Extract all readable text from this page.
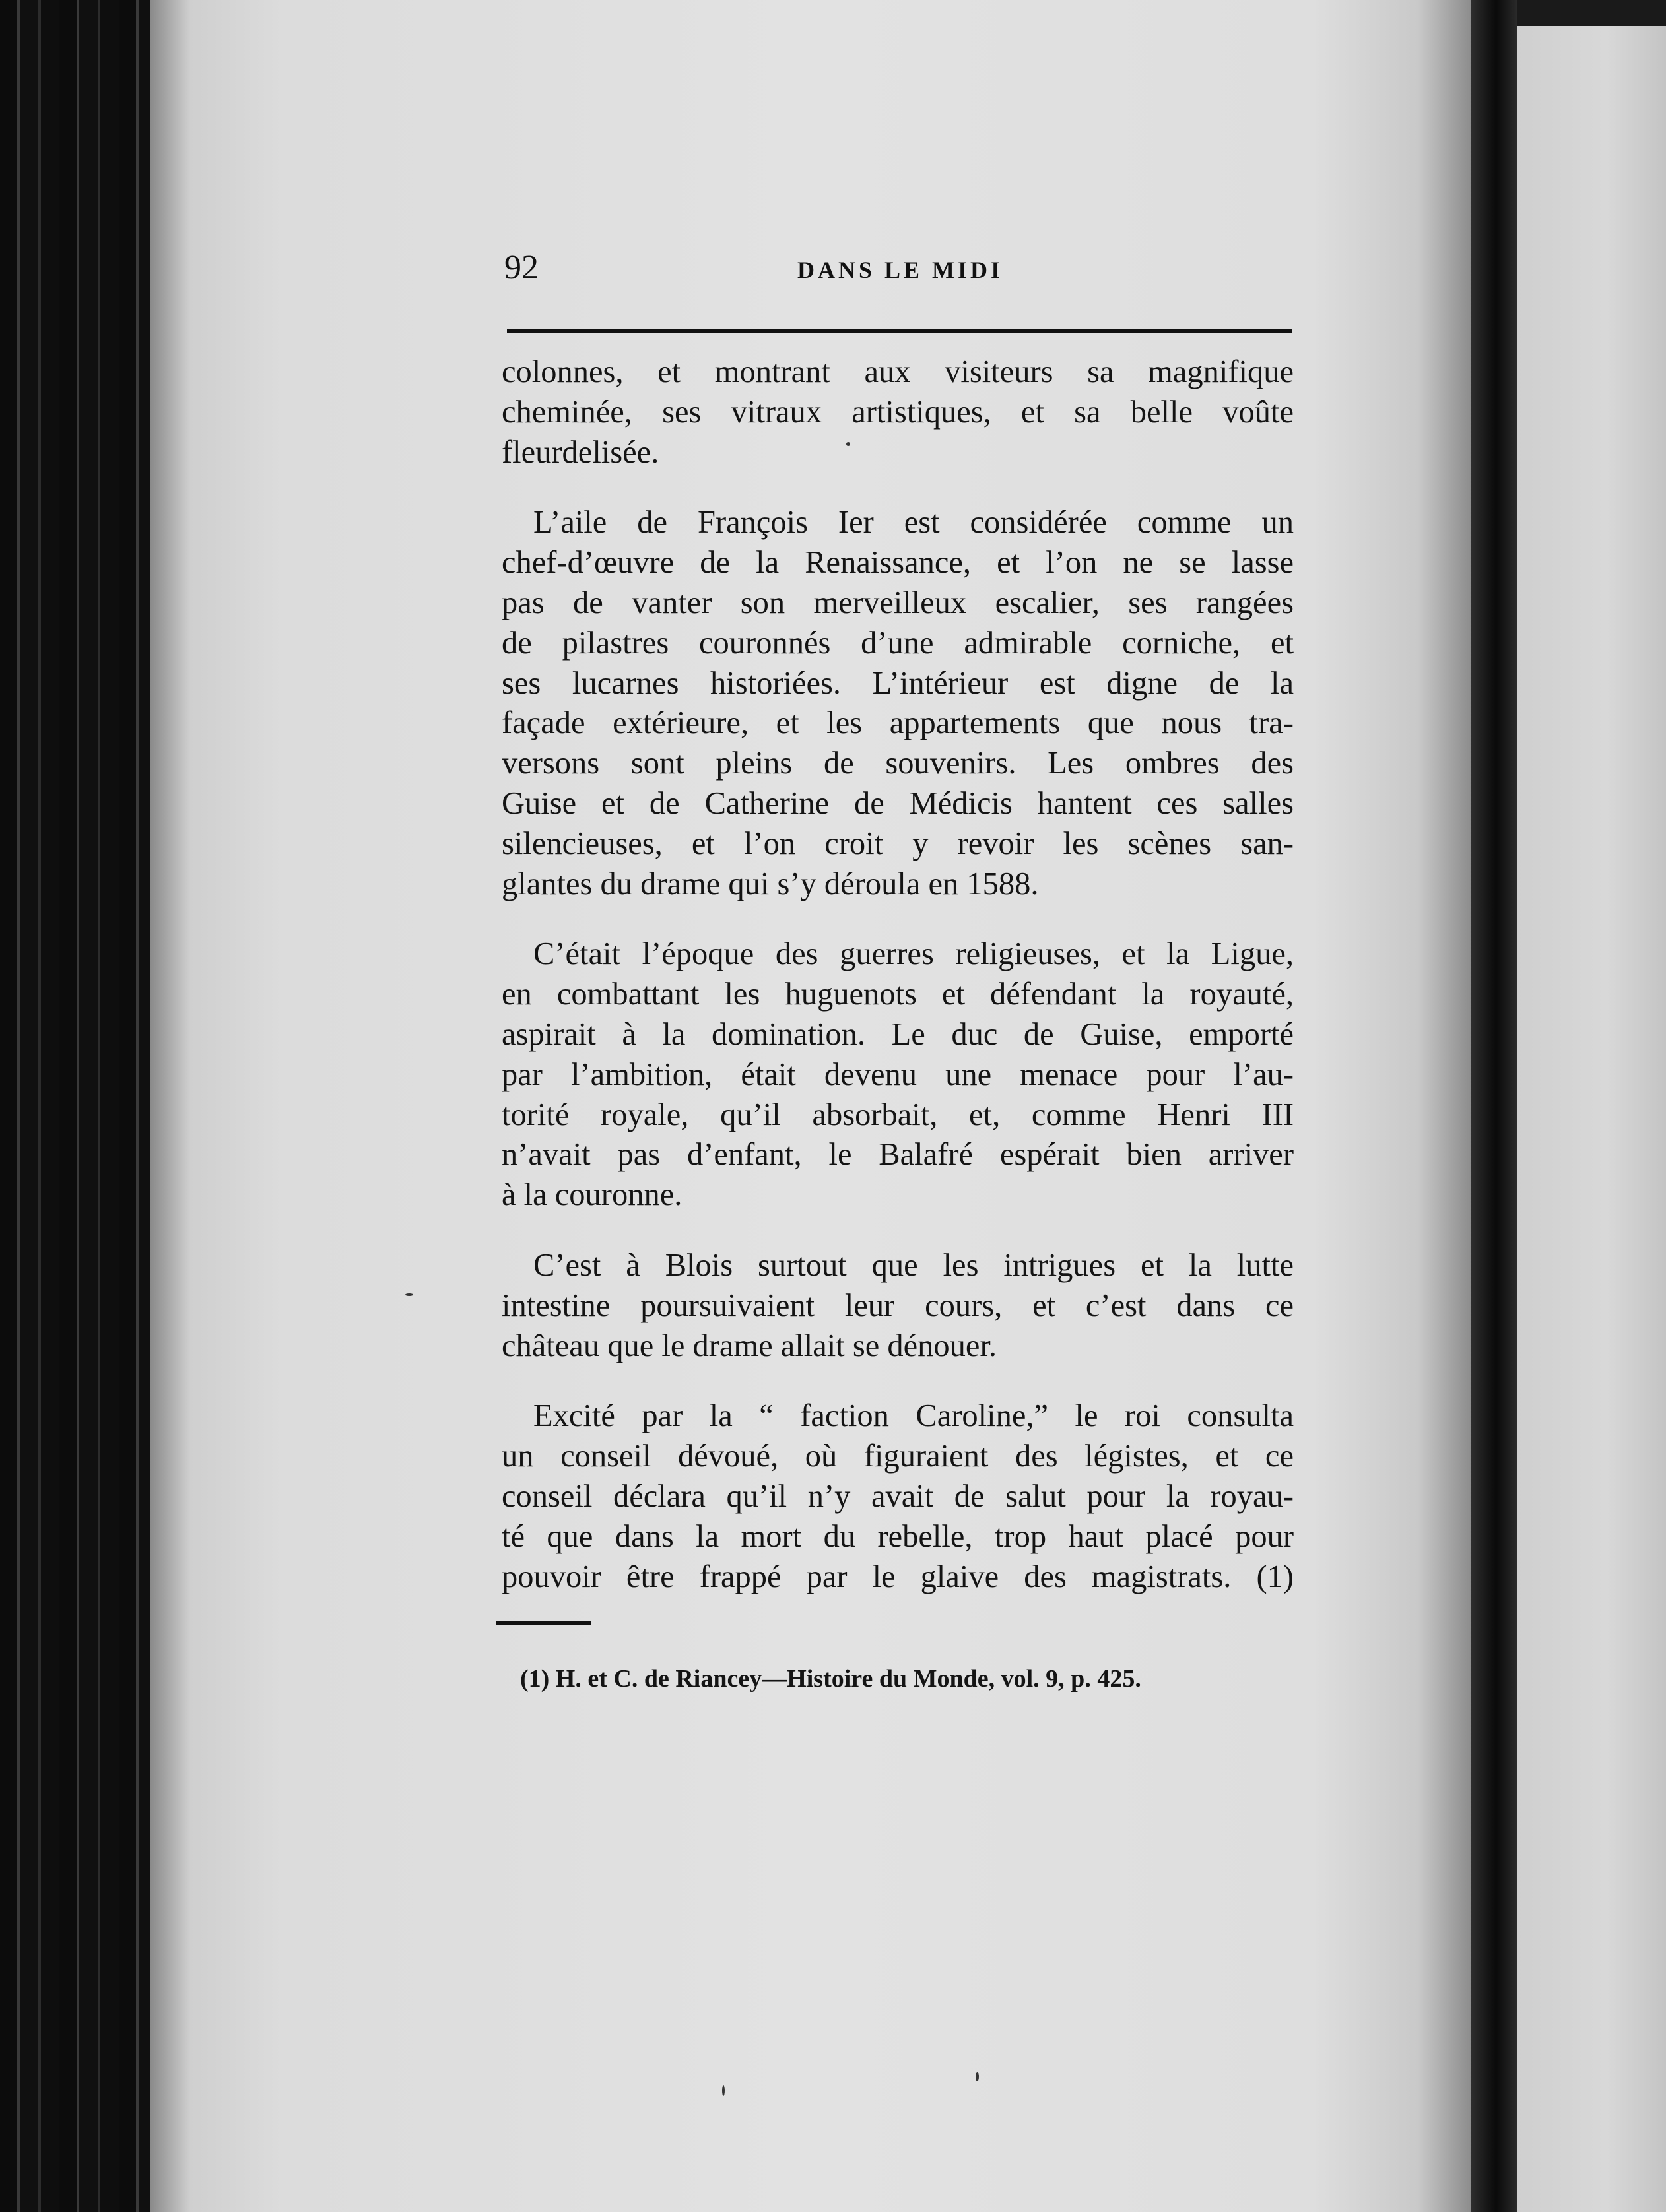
92	DANS LE MIDI
colonnes, et montrant aux visiteurs sa magnifique
cheminée, ses vitraux artistiques, et sa belle voûte
fleurdelisée.
L’aile de François Ier est considérée comme un
chef-d’œuvre de la Renaissance, et l’on ne se lasse
pas de vanter son merveilleux escalier, ses rangées
de pilastres couronnés d’une admirable corniche, et
ses lucarnes historiées. L’intérieur est digne de la
façade extérieure, et les appartements que nous tra-
versons sont pleins de souvenirs. Les ombres des
Guise et de Catherine de Médicis hantent ces salles
silencieuses, et l’on croit y revoir les scènes san-
glantes du drame qui s’y déroula en 1588.
C’était l’époque des guerres religieuses, et la Ligue,
en combattant les huguenots et défendant la royauté,
aspirait à la domination. Le duc de Guise, emporté
par l’ambition, était devenu une menace pour l’au-
torité royale, qu’il absorbait, et, comme Henri III
n’avait pas d’enfant, le Balafré espérait bien arriver
à la couronne.
C’est à Blois surtout que les intrigues et la lutte
intestine poursuivaient leur cours, et c’est dans ce
château que le drame allait se dénouer.
Excité par la “ faction Caroline,” le roi consulta
un conseil dévoué, où figuraient des légistes, et ce
conseil déclara qu’il n’y avait de salut pour la royau-
té que dans la mort du rebelle, trop haut placé pour
pouvoir être frappé par le glaive des magistrats. (1)
(1) H. et C. de Riancey—Histoire du Monde, vol. 9, p. 425.
